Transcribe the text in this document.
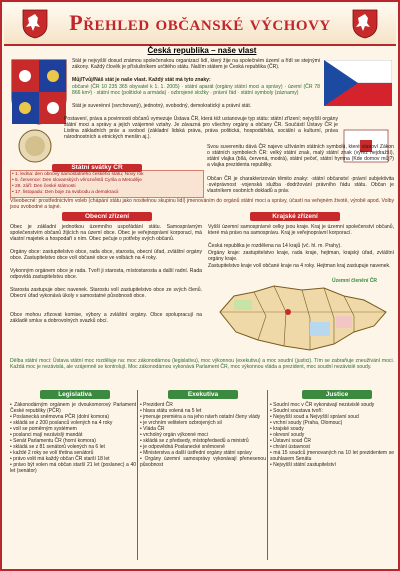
Přehled občanské výchovy
Česká republika – naše vlast
Stát je nejvyšší dosud známou společenskou organizací lidí, který žije na společném území a řídí se stejnými zákony. Každý člověk je příslušníkem určitého státu. Naším státem je Česká republika (ČR).
Můj/Tvůj/Náš stát je naše vlast. Každý stát má tyto znaky:
občané (ČR 10 235 365 obyvatel k 1. 1. 2005) · státní aparát (orgány státní moci a správy) · území (ČR 78 866 km²) · státní moc (politické a armáda) · ozbrojené složky · právní řád · státní symboly (záznamy)
Stát je suverénní (svrchovaný), jednotný, svobodný, demokratický a právní stát.
Postavení, práva a povinnosti občanů vymezuje Ústava ČR, která též ustanovuje typ státu: státní zřízení; nejvyšší orgány státní moci a správy a jejich vzájemné vztahy. Je závazná pro všechny orgány a občany ČR. Součástí Ústavy ČR je Listina základních práv a svobod (základní lidská práva, práva politická, hospodářská, sociální a kulturní, práva národnostních a etnických menšin aj.).
Svou suverenitu dává ČR najevo užíváním státních symbolů, které stanoví Zákon o státních symbolech ČR: velký státní znak, malý státní znak (výřez nejdražší), státní vlajka (bílá, červená, modrá), státní pečeť, státní hymna (Kde domov můj?) a vlajka prezidenta republiky.
Občan ČR je charakterizován těmito znaky: ·státní občanství ·právní subjektivita ·svéprávnost ·vojenská služba ·dodržování právního řádu státu. Občan je vlastníkem osobních dokladů a práv.
Všeobecné: prostřednictvím voleb (chápání státu jako nositelnou skupinu lidí) jmenováním do orgánů státní moci a správy, účastí na veřejném životě, výrobě apod. Volby jsou svobodné a tajné.
Státní svátky ČR
• 1. ledna: den obnovy samostatného českého státu; Nový rok
• 5. července: Den slovanských věrozvěstů Cyrila a Metoděje
• 28. září: Den české státnosti
• 17. listopadu: Den boje za svobodu a demokracii
Obecní zřízení
Obec je základní jednotkou územního uspořádání státu. Samosprávným společenstvím občanů žijících na území obce. Obec je veřejnoprávní korporací, má vlastní majetek a hospodaří s ním. Obec pečuje o potřeby svých občanů.
Orgány obce: zastupitelstvo obce, rada obce, starosta, obecní úřad, zvláštní orgány obce. Zastupitelstvo obce volí občané obce ve volbách na 4 roky.
Vykonným orgánem obce je rada. Tvoří ji starosta, místostarosta a další radní. Rada odpovídá zastupitelstvu obce.
Starosta zastupuje obec navenek. Starostu volí zastupitelstvo obce ze svých členů. Obecní úřad vykonává úkoly v samostatné působnosti obce.
Obce mohou zřizovat komise, výbory a zvláštní orgány. Obce spolupracují na základě smluv a dobrovolných svazků obcí.
Krajské zřízení
Vyšší územní samosprávné celky jsou kraje. Kraj je územní společenství občanů, které má právo na samosprávu. Kraj je veřejnoprávní korporací.
Česká republika je rozdělena na 14 krajů (vč. hl. m. Prahy).
Orgány kraje: zastupitelstvo kraje, rada kraje, hejtman, krajský úřad, zvláštní orgány kraje.
Zastupitelstvo kraje volí občané kraje na 4 roky. Hejtman kraj zastupuje navenek.
Územní členění ČR
Dělba státní moci: Ústava státní moc rozděluje na: moc zákonodárnou (legislativu), moc výkonnou (exekutivu) a moc soudní (justici). Tím se zabraňuje zneužívání moci. Každá moc je nezávislá, ale vzájemně se kontrolují. Moc zákonodárnou vykonává Parlament ČR, moc výkonnou vláda a prezident, moc soudní nezávislé soudy.
Legislativa
• Zákonodárným orgánem je dvoukomorový Parlament České republiky (PČR)
• Poslanecká sněmovna PČR (dolní komora)
• skládá se z 200 poslanců volených na 4 roky
• volí se poměrným systémem
• poslanci mají nezávislý mandát
• Senát Parlamentu ČR (horní komora)
• skládá se z 81 senátorů volených na 6 let
• každé 2 roky se volí třetina senátorů
• právo volit má každý občan ČR starší 18 let
• právo být volen má občan starší 21 let (poslanec) a 40 let (senátor)
Exekutiva
• Prezident ČR
• hlava státu volená na 5 let
• jmenuje premiéra a na jeho návrh ostatní členy vlády
• je vrchním velitelem ozbrojených sil
• Vláda ČR
• vrcholný orgán výkonné moci
• skládá se z předsedy, místopředsedů a ministrů
• je odpovědná Poslanecké sněmovně
• Ministerstva a další ústřední orgány státní správy
• Orgány územní samosprávy vykonávají přenesenou působnost
Justice
• Soudní moc v ČR vykonávají nezávislé soudy
• Soudní soustava tvoří:
• Nejvyšší soud a Nejvyšší správní soud
• vrchní soudy (Praha, Olomouc)
• krajské soudy
• okresní soudy
• Ústavní soud ČR
• chrání ústavnost
• má 15 soudců jmenovaných na 10 let prezidentem se souhlasem Senátu
• Nejvyšší státní zastupitelství
